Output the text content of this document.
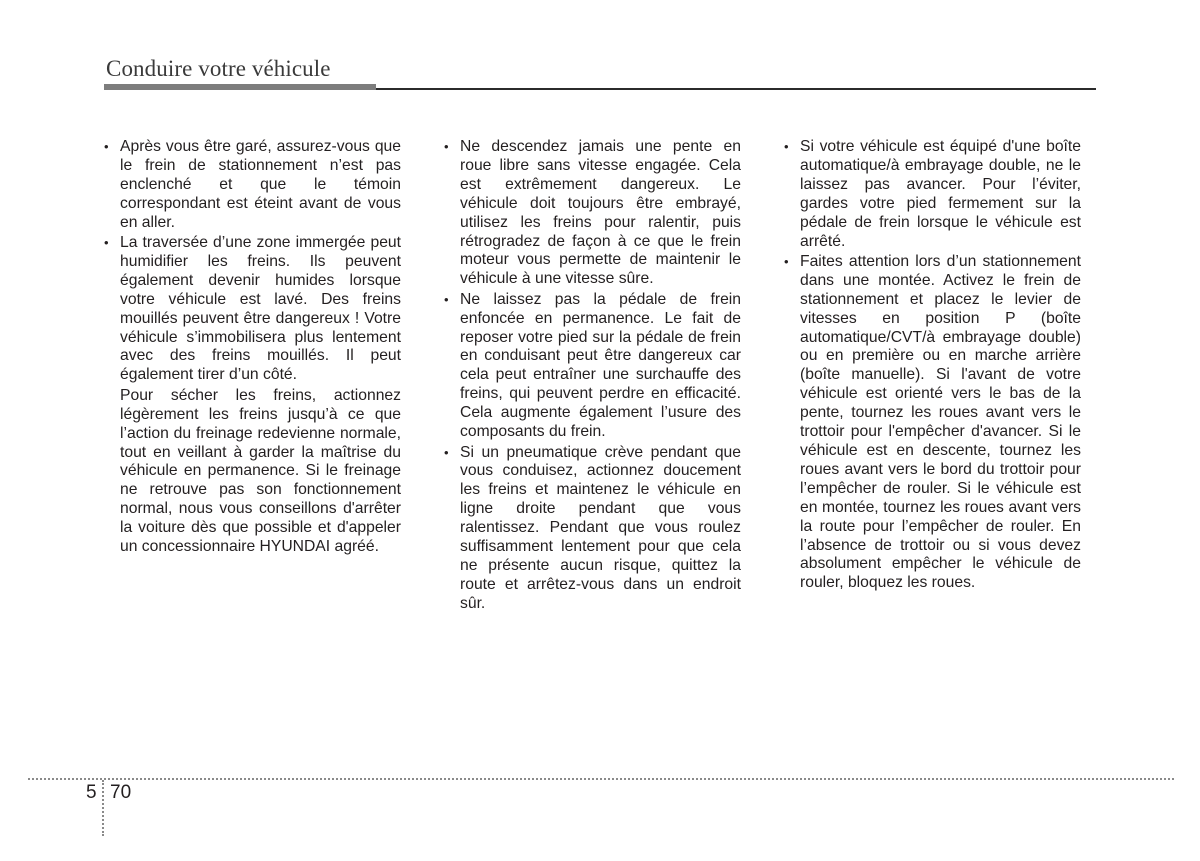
Conduire votre véhicule
• Après vous être garé, assurez-vous que le frein de stationnement n’est pas enclenché et que le témoin correspondant est éteint avant de vous en aller.
• La traversée d’une zone immergée peut humidifier les freins. Ils peuvent également devenir humides lorsque votre véhicule est lavé. Des freins mouillés peuvent être dangereux ! Votre véhicule s’immobilisera plus lentement avec des freins mouillés. Il peut également tirer d’un côté.
Pour sécher les freins, actionnez légèrement les freins jusqu’à ce que l’action du freinage redevienne normale, tout en veillant à garder la maîtrise du véhicule en permanence. Si le freinage ne retrouve pas son fonctionnement normal, nous vous conseillons d'arrêter la voiture dès que possible et d'appeler un concessionnaire HYUNDAI agréé.
• Ne descendez jamais une pente en roue libre sans vitesse engagée. Cela est extrêmement dangereux. Le véhicule doit toujours être embrayé, utilisez les freins pour ralentir, puis rétrogradez de façon à ce que le frein moteur vous permette de maintenir le véhicule à une vitesse sûre.
• Ne laissez pas la pédale de frein enfoncée en permanence. Le fait de reposer votre pied sur la pédale de frein en conduisant peut être dangereux car cela peut entraîner une surchauffe des freins, qui peuvent perdre en efficacité. Cela augmente également l’usure des composants du frein.
• Si un pneumatique crève pendant que vous conduisez, actionnez doucement les freins et maintenez le véhicule en ligne droite pendant que vous ralentissez. Pendant que vous roulez suffisamment lentement pour que cela ne présente aucun risque, quittez la route et arrêtez-vous dans un endroit sûr.
• Si votre véhicule est équipé d'une boîte automatique/à embrayage double, ne le laissez pas avancer. Pour l’éviter, gardes votre pied fermement sur la pédale de frein lorsque le véhicule est arrêté.
• Faites attention lors d’un stationnement dans une montée. Activez le frein de stationnement et placez le levier de vitesses en position P (boîte automatique/CVT/à embrayage double) ou en première ou en marche arrière (boîte manuelle). Si l'avant de votre véhicule est orienté vers le bas de la pente, tournez les roues avant vers le trottoir pour l'empêcher d'avancer. Si le véhicule est en descente, tournez les roues avant vers le bord du trottoir pour l’empêcher de rouler. Si le véhicule est en montée, tournez les roues avant vers la route pour l’empêcher de rouler. En l’absence de trottoir ou si vous devez absolument empêcher le véhicule de rouler, bloquez les roues.
5 70
